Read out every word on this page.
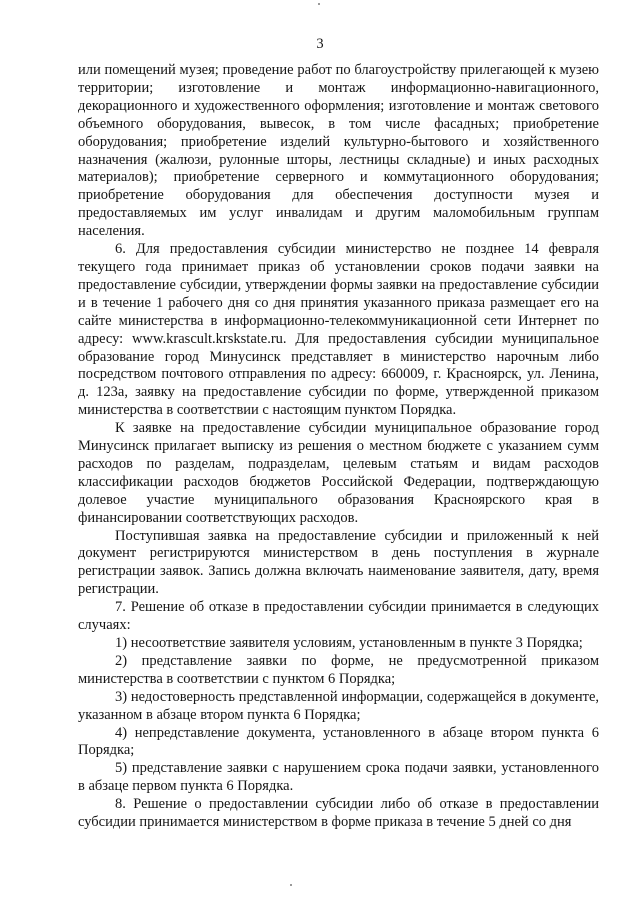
3

или помещений музея; проведение работ по благоустройству прилегающей к музею территории; изготовление и монтаж информационно-навигационного, декорационного и художественного оформления; изготовление и монтаж светового объемного оборудования, вывесок, в том числе фасадных; приобретение оборудования; приобретение изделий культурно-бытового и хозяйственного назначения (жалюзи, рулонные шторы, лестницы складные) и иных расходных материалов); приобретение серверного и коммутационного оборудования; приобретение оборудования для обеспечения доступности музея и предоставляемых им услуг инвалидам и другим маломобильным группам населения.

6. Для предоставления субсидии министерство не позднее 14 февраля текущего года принимает приказ об установлении сроков подачи заявки на предоставление субсидии, утверждении формы заявки на предоставление субсидии и в течение 1 рабочего дня со дня принятия указанного приказа размещает его на сайте министерства в информационно-телекоммуникационной сети Интернет по адресу: www.krascult.krskstate.ru. Для предоставления субсидии муниципальное образование город Минусинск представляет в министерство нарочным либо посредством почтового отправления по адресу: 660009, г. Красноярск, ул. Ленина, д. 123а, заявку на предоставление субсидии по форме, утвержденной приказом министерства в соответствии с настоящим пунктом Порядка.

К заявке на предоставление субсидии муниципальное образование город Минусинск прилагает выписку из решения о местном бюджете с указанием сумм расходов по разделам, подразделам, целевым статьям и видам расходов классификации расходов бюджетов Российской Федерации, подтверждающую долевое участие муниципального образования Красноярского края в финансировании соответствующих расходов.

Поступившая заявка на предоставление субсидии и приложенный к ней документ регистрируются министерством в день поступления в журнале регистрации заявок. Запись должна включать наименование заявителя, дату, время регистрации.

7. Решение об отказе в предоставлении субсидии принимается в следующих случаях:

1) несоответствие заявителя условиям, установленным в пункте 3 Порядка;

2) представление заявки по форме, не предусмотренной приказом министерства в соответствии с пунктом 6 Порядка;

3) недостоверность представленной информации, содержащейся в документе, указанном в абзаце втором пункта 6 Порядка;

4) непредставление документа, установленного в абзаце втором пункта 6 Порядка;

5) представление заявки с нарушением срока подачи заявки, установленного в абзаце первом пункта 6 Порядка.

8. Решение о предоставлении субсидии либо об отказе в предоставлении субсидии принимается министерством в форме приказа в течение 5 дней со дня
